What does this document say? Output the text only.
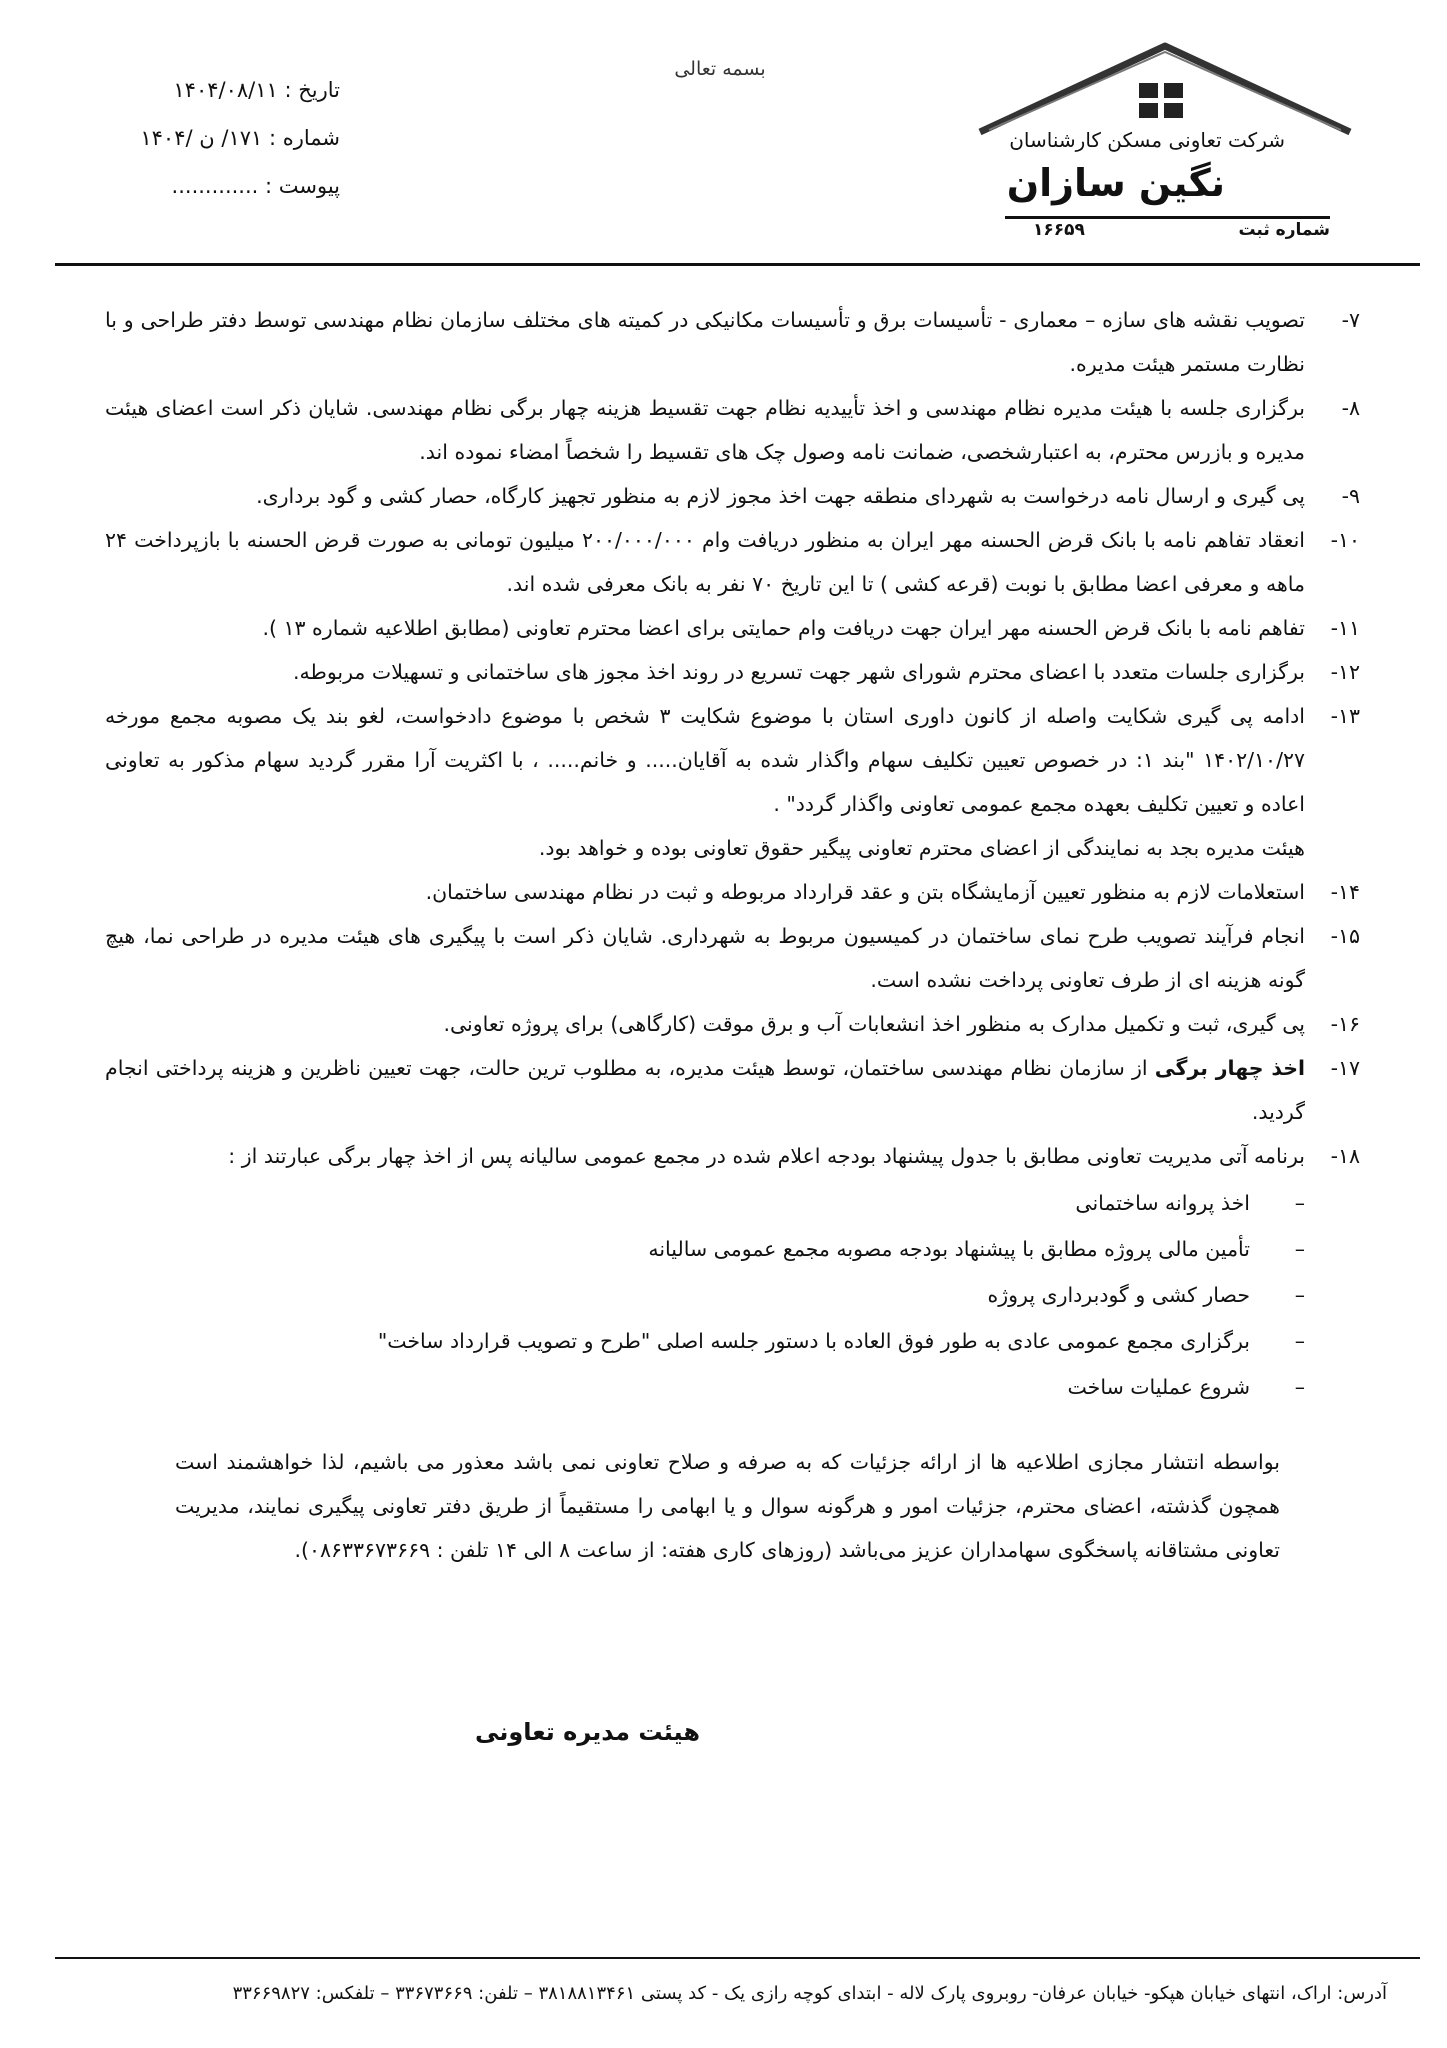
بسمه تعالی
تاریخ : ۱۴۰۴/۰۸/۱۱
شماره : ۱۷۱/ ن /۱۴۰۴
پیوست : .............
شرکت تعاونی مسکن کارشناسان
نگین سازان
شماره ثبت
۱۶۶۵۹
۷-
تصویب نقشه های سازه – معماری - تأسیسات برق و تأسیسات مکانیکی در کمیته های مختلف سازمان نظام مهندسی توسط دفتر طراحی و با نظارت مستمر هیئت مدیره.
۸-
برگزاری جلسه با هیئت مدیره نظام مهندسی و اخذ تأییدیه نظام جهت تقسیط هزینه چهار برگی نظام مهندسی. شایان ذکر است اعضای هیئت مدیره و بازرس محترم، به اعتبارشخصی، ضمانت نامه وصول چک های تقسیط را شخصاً امضاء نموده اند.
۹-
پی گیری و ارسال نامه درخواست به شهردای منطقه جهت اخذ مجوز لازم به منظور تجهیز کارگاه، حصار کشی و گود برداری.
۱۰-
انعقاد تفاهم نامه با بانک قرض الحسنه مهر ایران به منظور دریافت وام ۲۰۰/۰۰۰/۰۰۰ میلیون تومانی به صورت قرض الحسنه با بازپرداخت ۲۴ ماهه و معرفی اعضا مطابق با نوبت (قرعه کشی ) تا این تاریخ ۷۰ نفر به بانک معرفی شده اند.
۱۱-
تفاهم نامه با بانک قرض الحسنه مهر ایران جهت دریافت وام حمایتی برای اعضا محترم تعاونی (مطابق اطلاعیه شماره ۱۳ ).
۱۲-
برگزاری جلسات متعدد با اعضای محترم شورای شهر جهت تسریع در روند اخذ مجوز های ساختمانی و تسهیلات مربوطه.
۱۳-
ادامه پی گیری شکایت واصله از کانون داوری استان با موضوع شکایت ۳ شخص با موضوع دادخواست، لغو بند یک مصوبه مجمع مورخه ۱۴۰۲/۱۰/۲۷ "بند ۱: در خصوص تعیین تکلیف سهام واگذار شده به آقایان..... و خانم..... ، با اکثریت آرا مقرر گردید سهام مذکور به تعاونی اعاده و تعیین تکلیف بعهده مجمع عمومی تعاونی واگذار گردد" .
هیئت مدیره بجد به نمایندگی از اعضای محترم تعاونی پیگیر حقوق تعاونی بوده و خواهد بود.
۱۴-
استعلامات لازم به منظور تعیین آزمایشگاه بتن و عقد قرارداد مربوطه و ثبت در نظام مهندسی ساختمان.
۱۵-
انجام فرآیند تصویب طرح نمای ساختمان در کمیسیون مربوط به شهرداری. شایان ذکر است با پیگیری های هیئت مدیره در طراحی نما، هیچ گونه هزینه ای از طرف تعاونی پرداخت نشده است.
۱۶-
پی گیری، ثبت و تکمیل مدارک به منظور اخذ انشعابات آب و برق موقت (کارگاهی) برای پروژه تعاونی.
۱۷-
اخذ چهار برگی از سازمان نظام مهندسی ساختمان، توسط هیئت مدیره، به مطلوب ترین حالت، جهت تعیین ناظرین و هزینه پرداختی انجام گردید.
۱۸-
برنامه آتی مدیریت تعاونی مطابق با جدول پیشنهاد بودجه اعلام شده در مجمع عمومی سالیانه پس از اخذ چهار برگی عبارتند از :
–
اخذ پروانه ساختمانی
–
تأمین مالی پروژه مطابق با پیشنهاد بودجه مصوبه مجمع عمومی سالیانه
–
حصار کشی و گودبرداری پروژه
–
برگزاری مجمع عمومی عادی به طور فوق العاده با دستور جلسه اصلی "طرح و تصویب قرارداد ساخت"
–
شروع عملیات ساخت
بواسطه انتشار مجازی اطلاعیه ها از ارائه جزئیات که به صرفه و صلاح تعاونی نمی باشد معذور می باشیم، لذا خواهشمند است همچون گذشته، اعضای محترم، جزئیات امور و هرگونه سوال و یا ابهامی را مستقیماً از طریق دفتر تعاونی پیگیری نمایند، مدیریت تعاونی مشتاقانه پاسخگوی سهامداران عزیز می‌باشد (روزهای کاری هفته: از ساعت ۸ الی ۱۴ تلفن : ۰۸۶۳۳۶۷۳۶۶۹).
هیئت مدیره تعاونی
آدرس: اراک، انتهای خیابان هپکو- خیابان عرفان- روبروی پارک لاله - ابتدای کوچه رازی یک - کد پستی ۳۸۱۸۸۱۳۴۶۱ – تلفن: ۳۳۶۷۳۶۶۹ – تلفکس: ۳۳۶۶۹۸۲۷
